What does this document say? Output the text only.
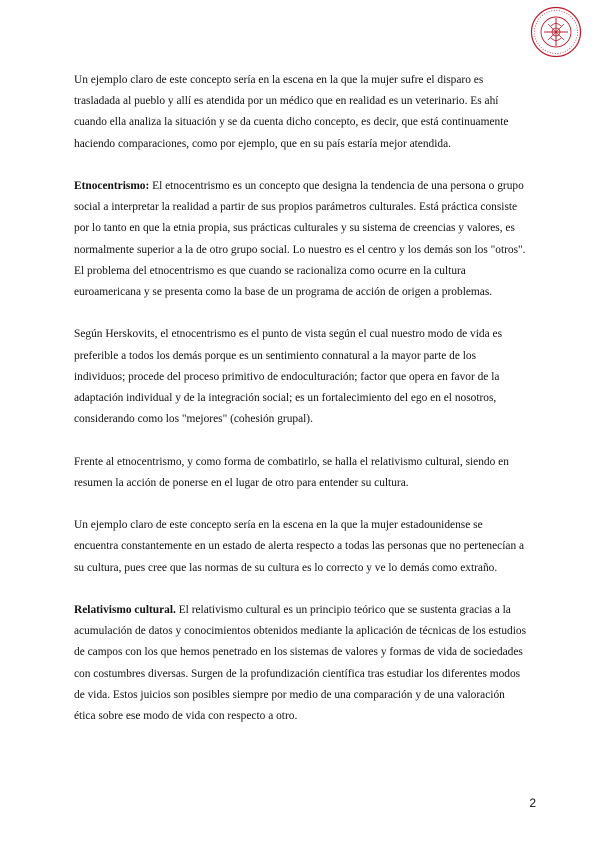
Un ejemplo claro de este concepto sería en la escena en la que la mujer sufre el disparo es trasladada al pueblo y allí es atendida por un médico que en realidad es un veterinario. Es ahí cuando ella analiza la situación y se da cuenta dicho concepto, es decir, que está continuamente haciendo comparaciones, como por ejemplo, que en su país estaría mejor atendida.

Etnocentrismo: El etnocentrismo es un concepto que designa la tendencia de una persona o grupo social a interpretar la realidad a partir de sus propios parámetros culturales. Está práctica consiste por lo tanto en que la etnia propia, sus prácticas culturales y su sistema de creencias y valores, es normalmente superior a la de otro grupo social. Lo nuestro es el centro y los demás son los "otros".

El problema del etnocentrismo es que cuando se racionaliza como ocurre en la cultura euroamericana y se presenta como la base de un programa de acción de origen a problemas.

Según Herskovits, el etnocentrismo es el punto de vista según el cual nuestro modo de vida es preferible a todos los demás porque es un sentimiento connatural a la mayor parte de los individuos; procede del proceso primitivo de endoculturación; factor que opera en favor de la adaptación individual y de la integración social; es un fortalecimiento del ego en el nosotros, considerando como los "mejores" (cohesión grupal).

Frente al etnocentrismo, y como forma de combatirlo, se halla el relativismo cultural, siendo en resumen la acción de ponerse en el lugar de otro para entender su cultura.

Un ejemplo claro de este concepto sería en la escena en la que la mujer estadounidense se encuentra constantemente en un estado de alerta respecto a todas las personas que no pertenecían a su cultura, pues cree que las normas de su cultura es lo correcto y ve lo demás como extraño.

Relativismo cultural. El relativismo cultural es un principio teórico que se sustenta gracias a la acumulación de datos y conocimientos obtenidos mediante la aplicación de técnicas de los estudios de campos con los que hemos penetrado en los sistemas de valores y formas de vida de sociedades con costumbres diversas. Surgen de la profundización científica tras estudiar los diferentes modos de vida. Estos juicios son posibles siempre por medio de una comparación y de una valoración ética sobre ese modo de vida con respecto a otro.

2
